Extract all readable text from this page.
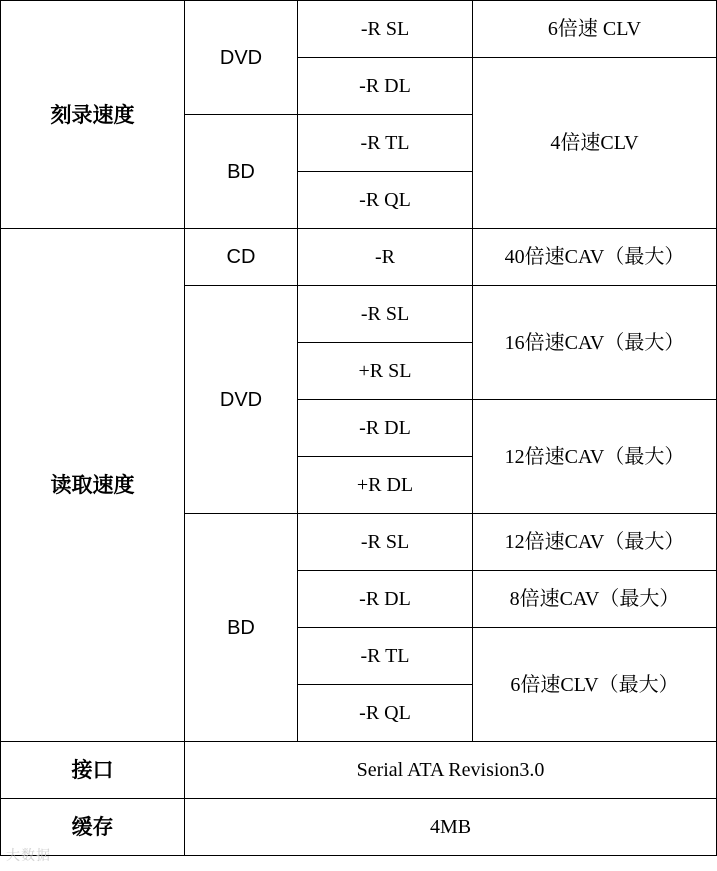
刻录速度	DVD	-R SL	6倍速 CLV
		-R DL	4倍速CLV
	BD	-R TL	
		-R QL	
读取速度	CD	-R	40倍速CAV（最大）
	DVD	-R SL	16倍速CAV（最大）
		+R SL	
		-R DL	12倍速CAV（最大）
		+R DL	
	BD	-R SL	12倍速CAV（最大）
		-R DL	8倍速CAV（最大）
		-R TL	6倍速CLV（最大）
		-R QL	
接口	Serial ATA Revision3.0		
缓存	4MB		
大数据
